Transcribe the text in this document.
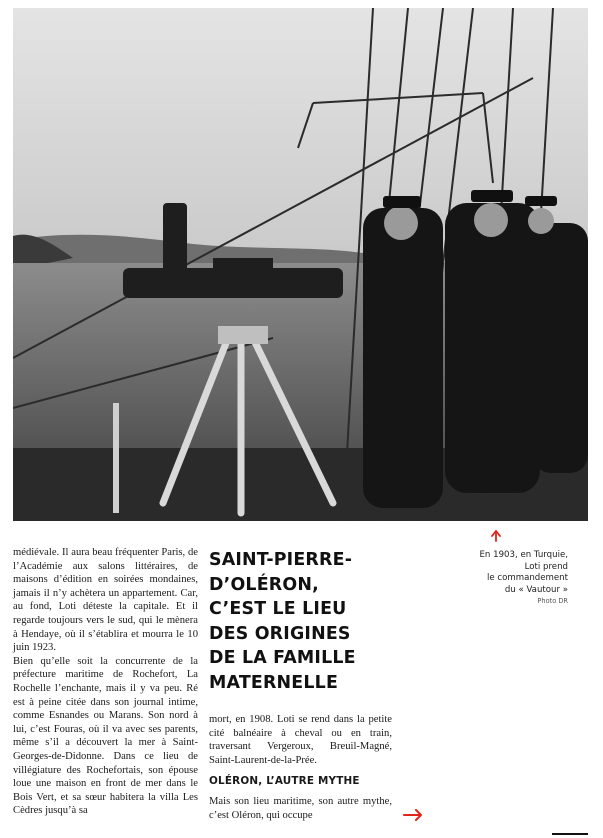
médiévale. Il aura beau fréquenter Paris, de l’Académie aux salons littéraires, de maisons d’édition en soirées mondaines, jamais il n’y achètera un appartement. Car, au fond, Loti déteste la capitale. Et il regarde toujours vers le sud, qui le mènera à Hendaye, où il s’établira et mourra le 10 juin 1923.

Bien qu’elle soit la concurrente de la préfecture maritime de Rochefort, La Rochelle l’enchante, mais il y va peu. Ré est à peine citée dans son journal intime, comme Esnandes ou Marans. Son nord à lui, c’est Fouras, où il va avec ses parents, même s’il a découvert la mer à Saint-Georges-de-Didonne. Dans ce lieu de villégiature des Rochefortais, son épouse loue une maison en front de mer dans le Bois Vert, et sa sœur habitera la villa Les Cèdres jusqu’à sa

SAINT-PIERRE-
D’OLÉRON,
C’EST LE LIEU
DES ORIGINES
DE LA FAMILLE
MATERNELLE

mort, en 1908. Loti se rend dans la petite cité balnéaire à cheval ou en train, traversant Vergeroux, Breuil-Magné, Saint-Laurent-de-la-Prée.

OLÉRON, L’AUTRE MYTHE

Mais son lieu maritime, son autre mythe, c’est Oléron, qui occupe

En 1903, en Turquie,
Loti prend
le commandement
du « Vautour »
Photo DR
